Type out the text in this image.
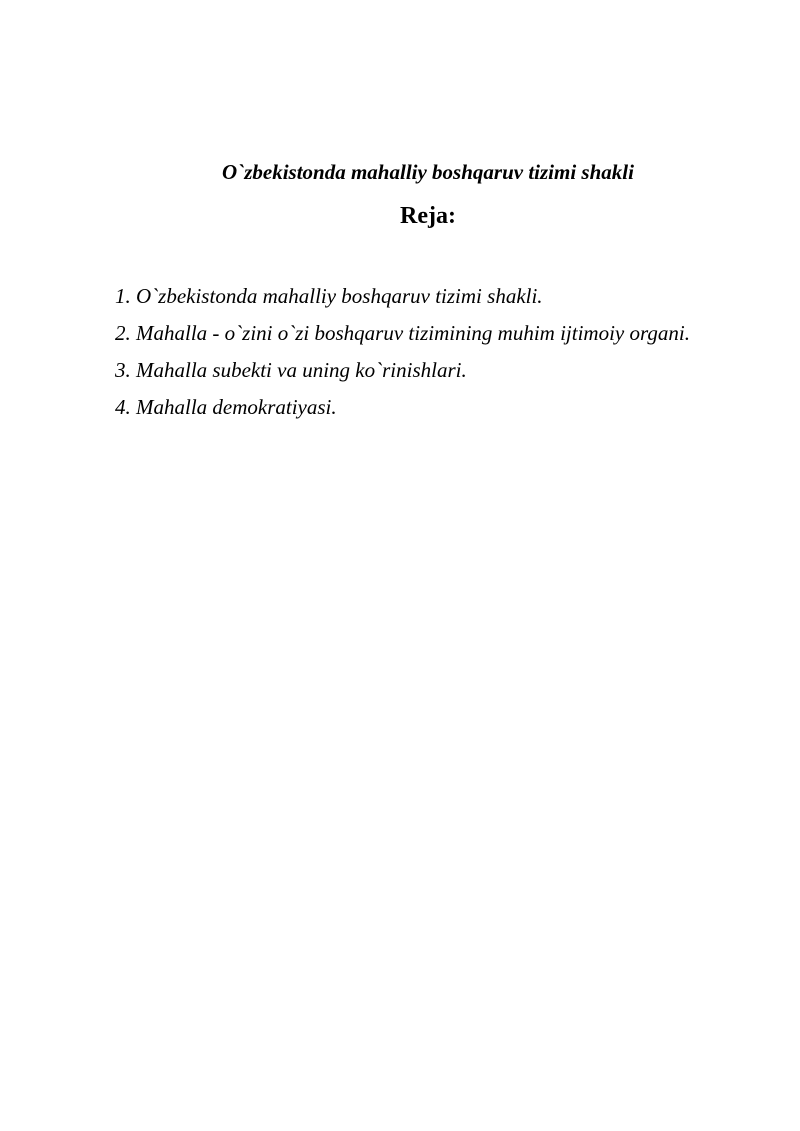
O`zbekistonda mahalliy boshqaruv tizimi shakli
Reja:
1. O`zbekistonda mahalliy boshqaruv tizimi shakli.
2. Mahalla - o`zini o`zi boshqaruv tizimining muhim ijtimoiy organi.
3. Mahalla subekti va uning ko`rinishlari.
4. Mahalla demokratiyasi.
